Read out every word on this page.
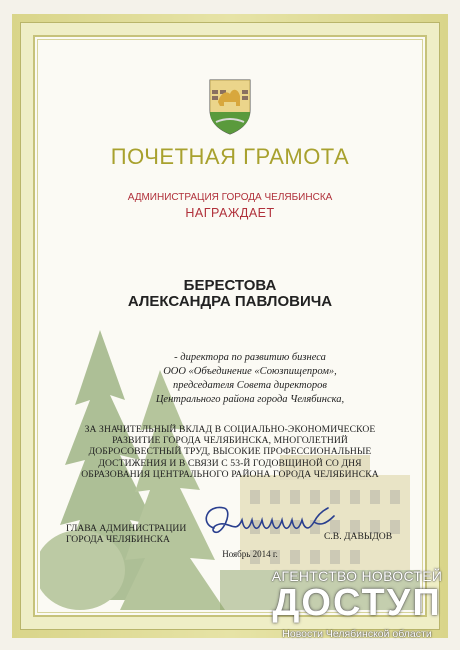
ПОЧЕТНАЯ ГРАМОТА
АДМИНИСТРАЦИЯ ГОРОДА ЧЕЛЯБИНСКА
НАГРАЖДАЕТ
БЕРЕСТОВА
АЛЕКСАНДРА ПАВЛОВИЧА
- директора по развитию бизнеса
ООО «Объединение «Союзпищепром»,
председателя Совета директоров
Центрального района города Челябинска,
ЗА ЗНАЧИТЕЛЬНЫЙ ВКЛАД В СОЦИАЛЬНО-ЭКОНОМИЧЕСКОЕ
РАЗВИТИЕ ГОРОДА ЧЕЛЯБИНСКА, МНОГОЛЕТНИЙ
ДОБРОСОВЕСТНЫЙ ТРУД, ВЫСОКИЕ ПРОФЕССИОНАЛЬНЫЕ
ДОСТИЖЕНИЯ И В СВЯЗИ С 53-Й ГОДОВЩИНОЙ СО ДНЯ
ОБРАЗОВАНИЯ ЦЕНТРАЛЬНОГО РАЙОНА ГОРОДА ЧЕЛЯБИНСКА
ГЛАВА АДМИНИСТРАЦИИ
ГОРОДА ЧЕЛЯБИНСКА	С.В. ДАВЫДОВ
Ноябрь 2014 г.
АГЕНТСТВО НОВОСТЕЙ
ДОСТУП
Новости Челябинской области
